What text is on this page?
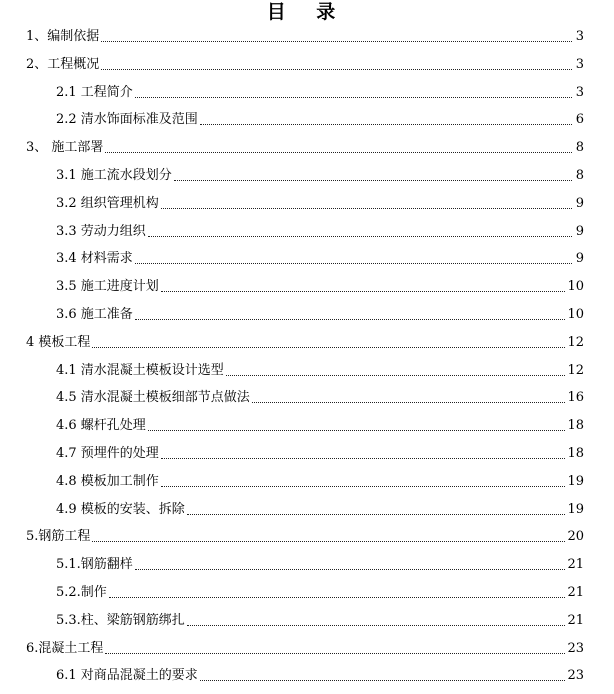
目 录
1、编制依据	3
2、工程概况	3
2.1 工程简介	3
2.2 清水饰面标准及范围	6
3、 施工部署	8
3.1 施工流水段划分	8
3.2 组织管理机构	9
3.3 劳动力组织	9
3.4 材料需求	9
3.5 施工进度计划	10
3.6 施工准备	10
4 模板工程	12
4.1 清水混凝土模板设计选型	12
4.5 清水混凝土模板细部节点做法	16
4.6 螺杆孔处理	18
4.7 预埋件的处理	18
4.8 模板加工制作	19
4.9 模板的安装、拆除	19
5.钢筋工程	20
5.1.钢筋翻样	21
5.2.制作	21
5.3.柱、梁筋钢筋绑扎	21
6.混凝土工程	23
6.1 对商品混凝土的要求	23
